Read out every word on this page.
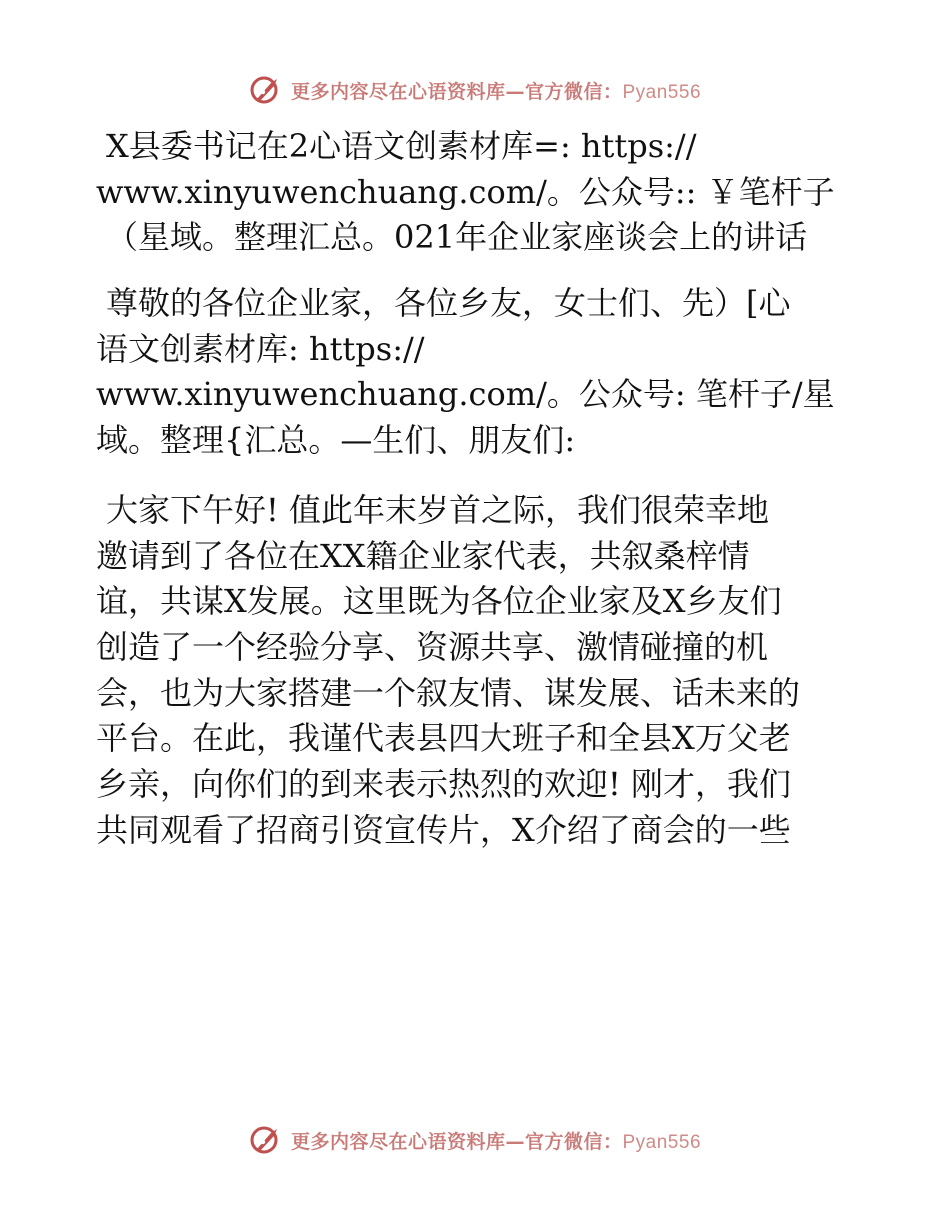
更多内容尽在心语资料库—官方微信：Pyan556
X县委书记在2心语文创素材库=: https://
www.xinyuwenchuang.com/。公众号:: ￥笔杆子
（星域。整理汇总。021年企业家座谈会上的讲话
尊敬的各位企业家，各位乡友，女士们、先）[心
语文创素材库: https://
www.xinyuwenchuang.com/。公众号: 笔杆子/星
域。整理{汇总。—生们、朋友们:
大家下午好! 值此年末岁首之际，我们很荣幸地
邀请到了各位在XX籍企业家代表，共叙桑梓情
谊，共谋X发展。这里既为各位企业家及X乡友们
创造了一个经验分享、资源共享、激情碰撞的机
会，也为大家搭建一个叙友情、谋发展、话未来的
平台。在此，我谨代表县四大班子和全县X万父老
乡亲，向你们的到来表示热烈的欢迎! 刚才，我们
共同观看了招商引资宣传片，X介绍了商会的一些
更多内容尽在心语资料库—官方微信：Pyan556
